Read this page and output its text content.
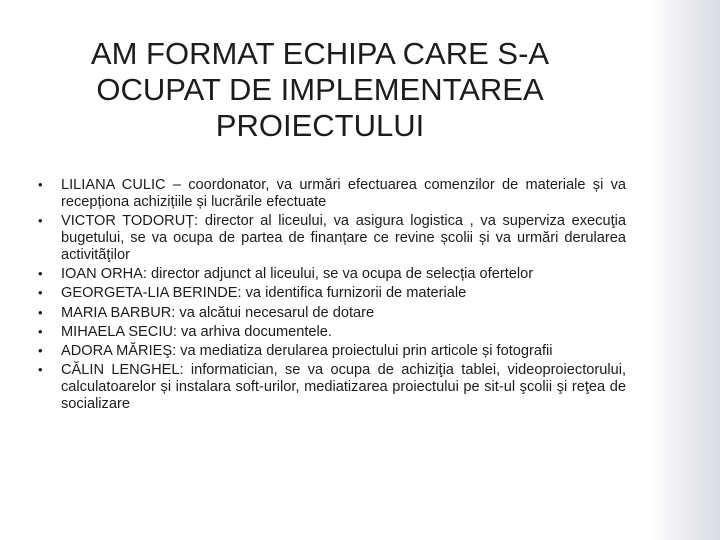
AM FORMAT ECHIPA CARE S-A OCUPAT DE IMPLEMENTAREA PROIECTULUI
•	LILIANA CULIC – coordonator, va urmări efectuarea comenzilor de materiale și va recepționa achizițiile și lucrările efectuate
•	VICTOR TODORUȚ: director al liceului, va asigura logistica , va superviza execuţia bugetului, se va ocupa de partea de finanțare ce revine școlii și va urmări derularea activitãţilor
•	IOAN ORHA: director adjunct al liceului, se va ocupa de selecția ofertelor
•	GEORGETA-LIA BERINDE: va identifica furnizorii de materiale
•	MARIA BARBUR: va alcătui necesarul de dotare
•	MIHAELA SECIU: va arhiva documentele.
•	ADORA MĂRIEŞ: va mediatiza derularea proiectului prin articole și fotografii
•	CĂLIN LENGHEL: informatician, se va ocupa de achiziţia tablei, videoproiectorului, calculatoarelor și instalara soft-urilor, mediatizarea proiectului pe sit-ul şcolii şi reţea de socializare
